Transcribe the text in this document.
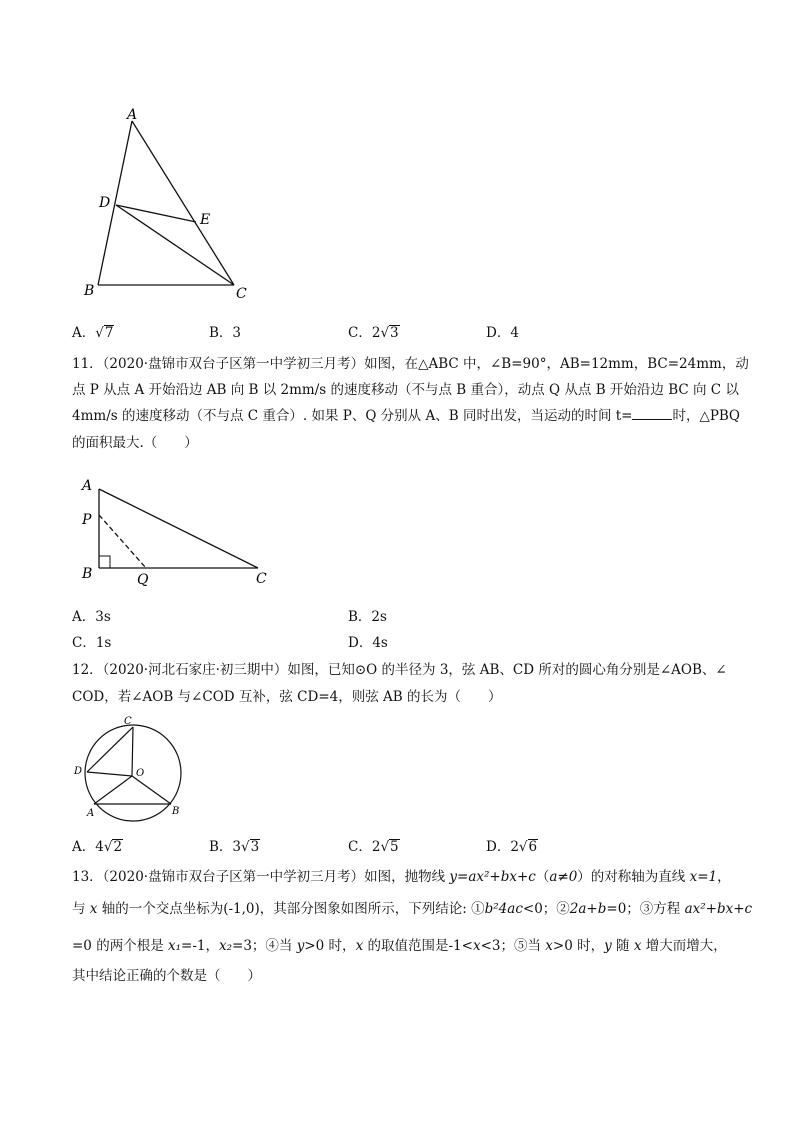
A
B	C
D
E
A．√7	B．3	C．2√3	D．4
11．（2020·盘锦市双台子区第一中学初三月考）如图，在△ABC 中，∠B=90°，AB=12mm，BC=24mm，动
点 P 从点 A 开始沿边 AB 向 B 以 2mm/s 的速度移动（不与点 B 重合），动点 Q 从点 B 开始沿边 BC 向 C 以
4mm/s 的速度移动（不与点 C 重合）. 如果 P、Q 分别从 A、B 同时出发，当运动的时间 t=	时，△PBQ
的面积最大.（　　）
A
P
B	Q	C
A．3s	B．2s
C．1s	D．4s
12．（2020·河北石家庄·初三期中）如图，已知⊙O 的半径为 3，弦 AB、CD 所对的圆心角分别是∠AOB、∠
COD，若∠AOB 与∠COD 互补，弦 CD=4，则弦 AB 的长为（　　）
C
D	O
A	B
A．4√2	B．3√3	C．2√5	D．2√6
13．（2020·盘锦市双台子区第一中学初三月考）如图，抛物线 y=ax²+bx+c（a≠0）的对称轴为直线 x=1，
与 x 轴的一个交点坐标为(-1,0)，其部分图象如图所示，下列结论: ①b²4ac<0；②2a+b=0；③方程 ax²+bx+c
=0 的两个根是 x₁=-1，x₂=3；④当 y>0 时，x 的取值范围是-1<x<3；⑤当 x>0 时，y 随 x 增大而增大，
其中结论正确的个数是（　　）
